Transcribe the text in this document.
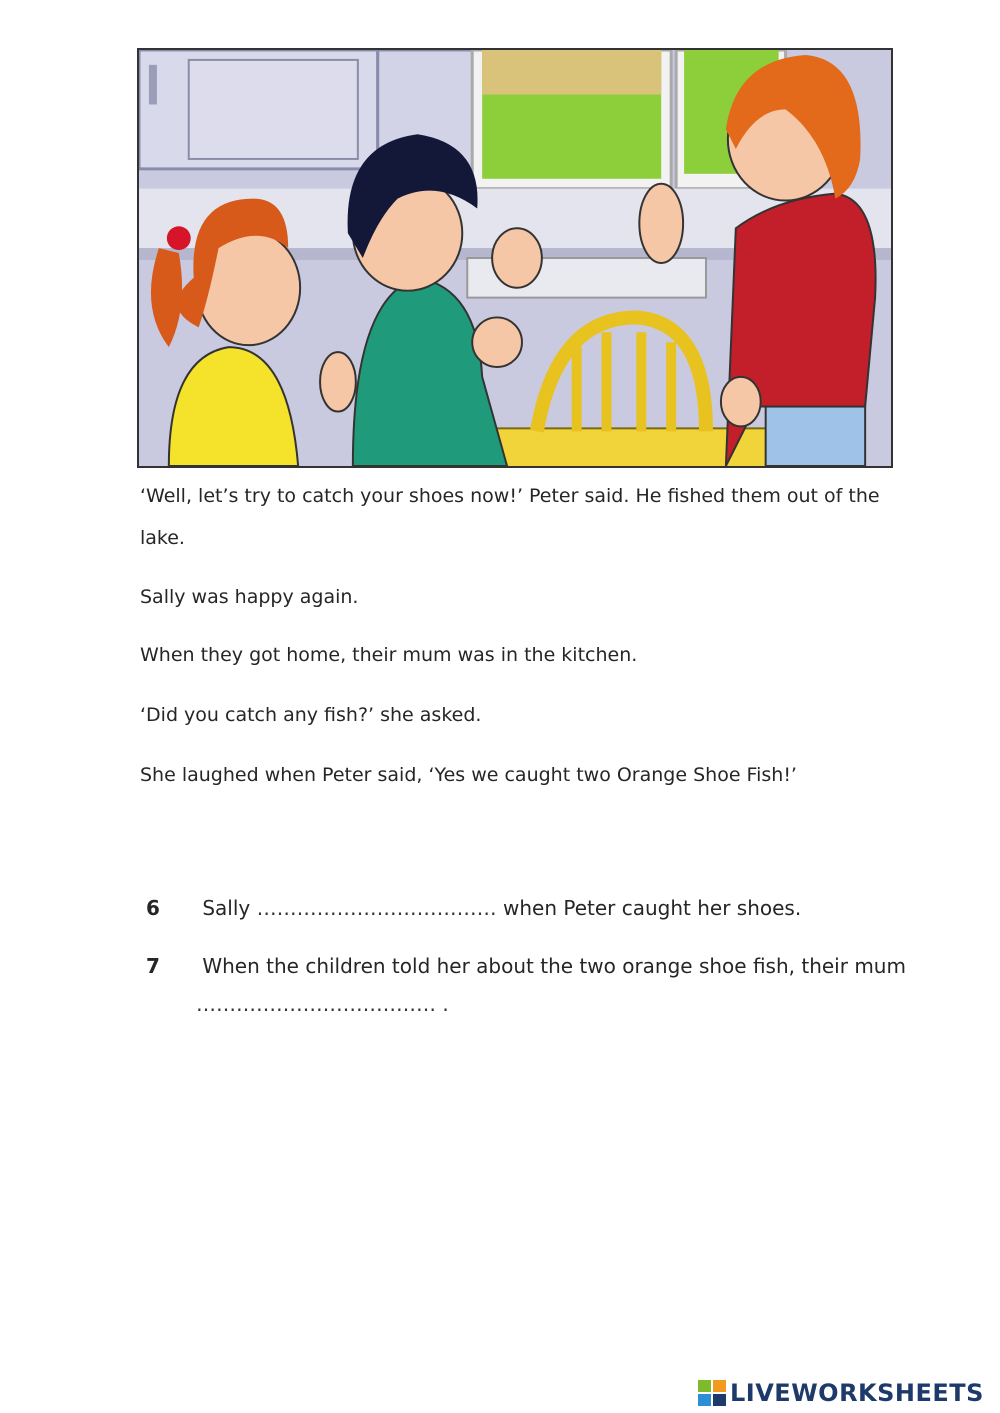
‘Well, let’s try to catch your shoes now!’ Peter said. He fished them out of the lake.

Sally was happy again.

When they got home, their mum was in the kitchen.

‘Did you catch any fish?’ she asked.

She laughed when Peter said, ‘Yes we caught two Orange Shoe Fish!’

6 Sally ……………………………… when Peter caught her shoes.
7 When the children told her about the two orange shoe fish, their mum
……………………………… .
LIVEWORKSHEETS
